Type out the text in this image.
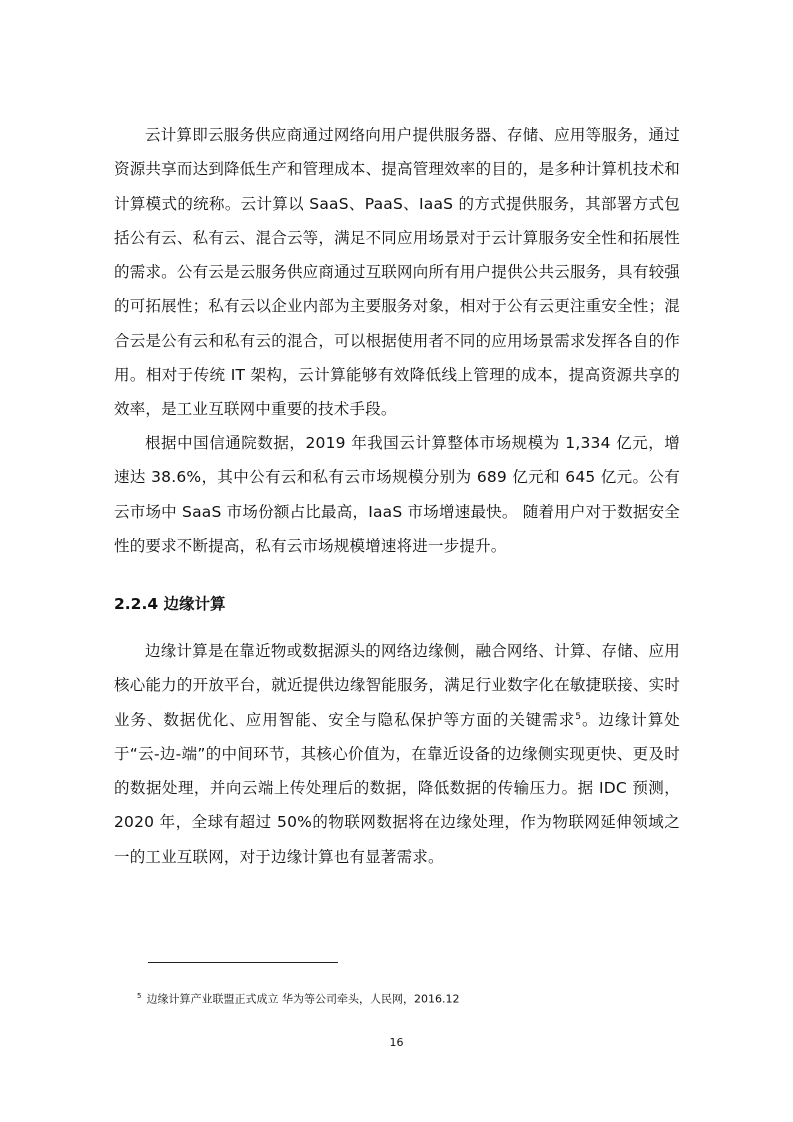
云计算即云服务供应商通过网络向用户提供服务器、存储、应用等服务，通过资源共享而达到降低生产和管理成本、提高管理效率的目的，是多种计算机技术和计算模式的统称。云计算以 SaaS、PaaS、IaaS 的方式提供服务，其部署方式包括公有云、私有云、混合云等，满足不同应用场景对于云计算服务安全性和拓展性的需求。公有云是云服务供应商通过互联网向所有用户提供公共云服务，具有较强的可拓展性；私有云以企业内部为主要服务对象，相对于公有云更注重安全性；混合云是公有云和私有云的混合，可以根据使用者不同的应用场景需求发挥各自的作用。相对于传统 IT 架构，云计算能够有效降低线上管理的成本，提高资源共享的效率，是工业互联网中重要的技术手段。

根据中国信通院数据，2019 年我国云计算整体市场规模为 1,334 亿元，增速达 38.6%，其中公有云和私有云市场规模分别为 689 亿元和 645 亿元。公有云市场中 SaaS 市场份额占比最高，IaaS 市场增速最快。 随着用户对于数据安全性的要求不断提高，私有云市场规模增速将进一步提升。

2.2.4 边缘计算

边缘计算是在靠近物或数据源头的网络边缘侧，融合网络、计算、存储、应用核心能力的开放平台，就近提供边缘智能服务，满足行业数字化在敏捷联接、实时业务、数据优化、应用智能、安全与隐私保护等方面的关键需求$^5$。边缘计算处于“云-边-端”的中间环节，其核心价值为，在靠近设备的边缘侧实现更快、更及时的数据处理，并向云端上传处理后的数据，降低数据的传输压力。据 IDC 预测，2020 年，全球有超过 50%的物联网数据将在边缘处理，作为物联网延伸领域之一的工业互联网，对于边缘计算也有显著需求。

$^5$ 边缘计算产业联盟正式成立 华为等公司牵头，人民网，2016.12

16
